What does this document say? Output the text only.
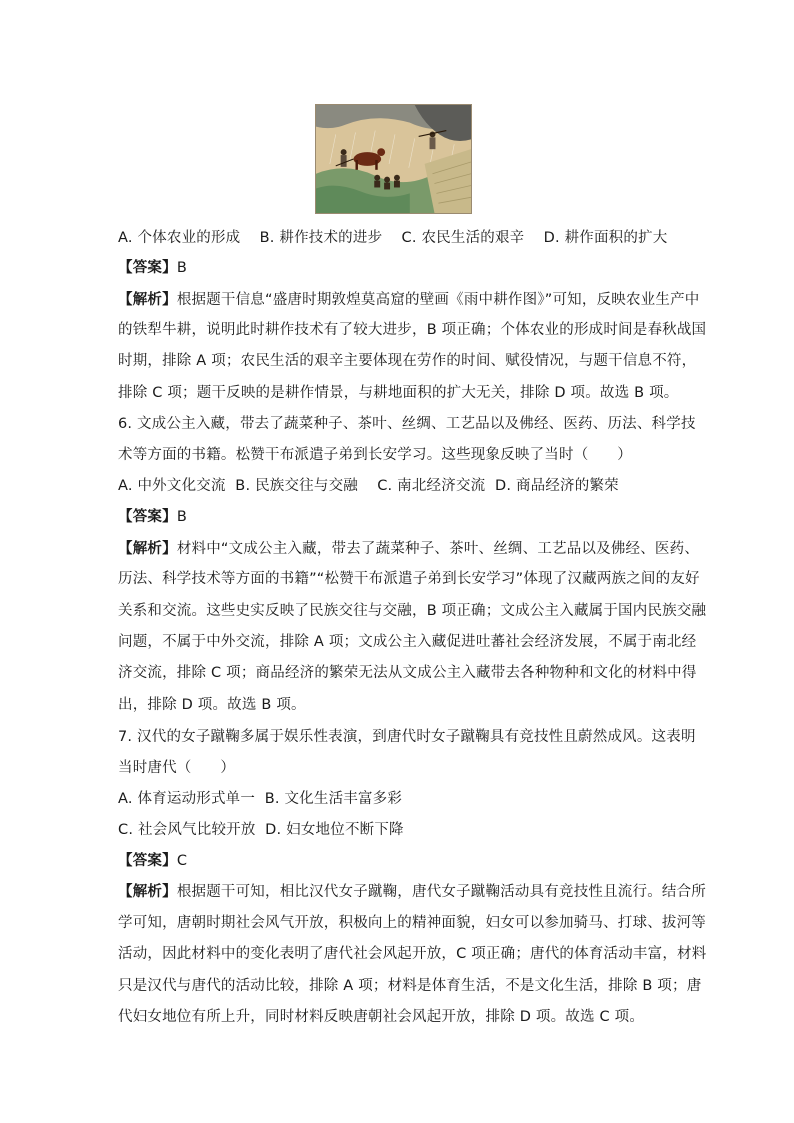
A. 个体农业的形成    B. 耕作技术的进步    C. 农民生活的艰辛    D. 耕作面积的扩大
【答案】B
【解析】根据题干信息“盛唐时期敦煌莫高窟的壁画《雨中耕作图》”可知，反映农业生产中
的铁犁牛耕，说明此时耕作技术有了较大进步，B 项正确；个体农业的形成时间是春秋战国
时期，排除 A 项；农民生活的艰辛主要体现在劳作的时间、赋役情况，与题干信息不符，
排除 C 项；题干反映的是耕作情景，与耕地面积的扩大无关，排除 D 项。故选 B 项。
6. 文成公主入藏，带去了蔬菜种子、茶叶、丝绸、工艺品以及佛经、医药、历法、科学技
术等方面的书籍。松赞干布派遣子弟到长安学习。这些现象反映了当时（      ）
A. 中外文化交流  B. 民族交往与交融    C. 南北经济交流  D. 商品经济的繁荣
【答案】B
【解析】材料中“文成公主入藏，带去了蔬菜种子、茶叶、丝绸、工艺品以及佛经、医药、
历法、科学技术等方面的书籍”“松赞干布派遣子弟到长安学习”体现了汉藏两族之间的友好
关系和交流。这些史实反映了民族交往与交融，B 项正确；文成公主入藏属于国内民族交融
问题，不属于中外交流，排除 A 项；文成公主入藏促进吐蕃社会经济发展，不属于南北经
济交流，排除 C 项；商品经济的繁荣无法从文成公主入藏带去各种物种和文化的材料中得
出，排除 D 项。故选 B 项。
7. 汉代的女子蹴鞠多属于娱乐性表演，到唐代时女子蹴鞠具有竞技性且蔚然成风。这表明
当时唐代（      ）
A. 体育运动形式单一  B. 文化生活丰富多彩
C. 社会风气比较开放  D. 妇女地位不断下降
【答案】C
【解析】根据题干可知，相比汉代女子蹴鞠，唐代女子蹴鞠活动具有竞技性且流行。结合所
学可知，唐朝时期社会风气开放，积极向上的精神面貌，妇女可以参加骑马、打球、拔河等
活动，因此材料中的变化表明了唐代社会风起开放，C 项正确；唐代的体育活动丰富，材料
只是汉代与唐代的活动比较，排除 A 项；材料是体育生活，不是文化生活，排除 B 项；唐
代妇女地位有所上升，同时材料反映唐朝社会风起开放，排除 D 项。故选 C 项。
